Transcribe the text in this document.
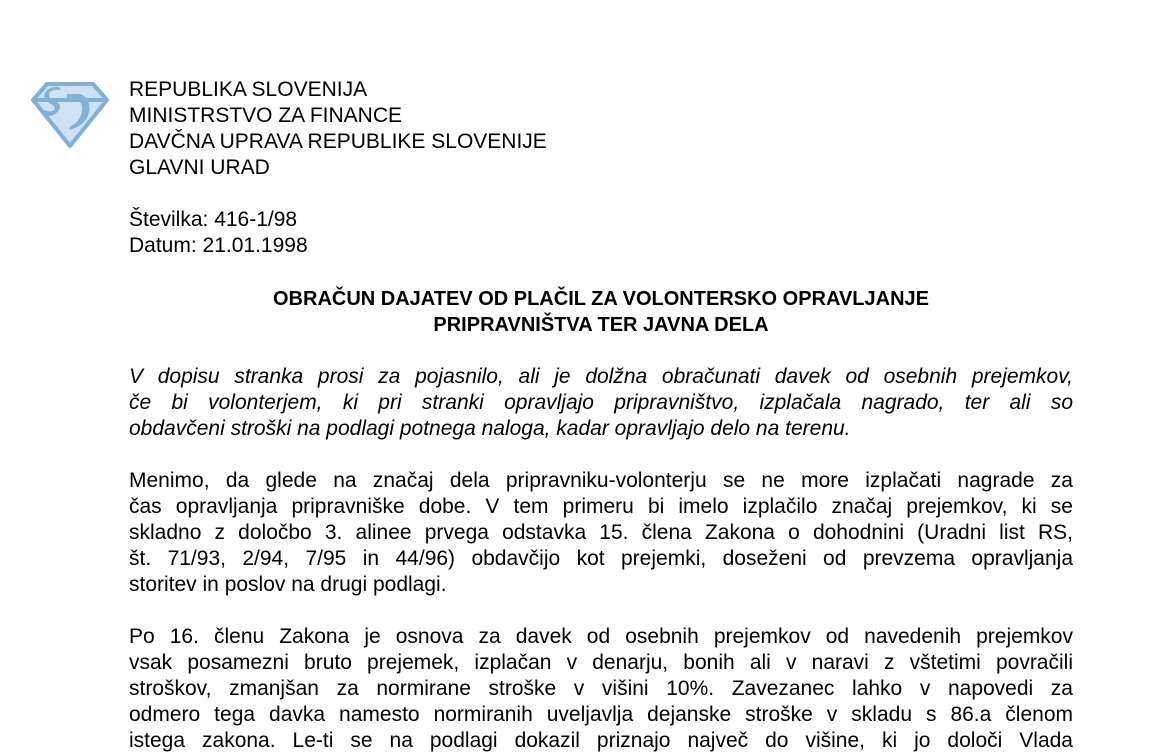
REPUBLIKA SLOVENIJA
MINISTRSTVO ZA FINANCE
DAVČNA UPRAVA REPUBLIKE SLOVENIJE
GLAVNI URAD
Številka: 416-1/98
Datum: 21.01.1998
OBRAČUN DAJATEV OD PLAČIL ZA VOLONTERSKO OPRAVLJANJE
PRIPRAVNIŠTVA TER JAVNA DELA
V dopisu stranka prosi za pojasnilo, ali je dolžna obračunati davek od osebnih prejemkov,
če bi volonterjem, ki pri stranki opravljajo pripravništvo, izplačala nagrado, ter ali so
obdavčeni stroški na podlagi potnega naloga, kadar opravljajo delo na terenu.
Menimo, da glede na značaj dela pripravniku-volonterju se ne more izplačati nagrade za
čas opravljanja pripravniške dobe. V tem primeru bi imelo izplačilo značaj prejemkov, ki se
skladno z določbo 3. alinee prvega odstavka 15. člena Zakona o dohodnini (Uradni list RS,
št. 71/93, 2/94, 7/95 in 44/96) obdavčijo kot prejemki, doseženi od prevzema opravljanja
storitev in poslov na drugi podlagi.
Po 16. členu Zakona je osnova za davek od osebnih prejemkov od navedenih prejemkov
vsak posamezni bruto prejemek, izplačan v denarju, bonih ali v naravi z vštetimi povračili
stroškov, zmanjšan za normirane stroške v višini 10%. Zavezanec lahko v napovedi za
odmero tega davka namesto normiranih uveljavlja dejanske stroške v skladu s 86.a členom
istega zakona. Le-ti se na podlagi dokazil priznajo največ do višine, ki jo določi Vlada
